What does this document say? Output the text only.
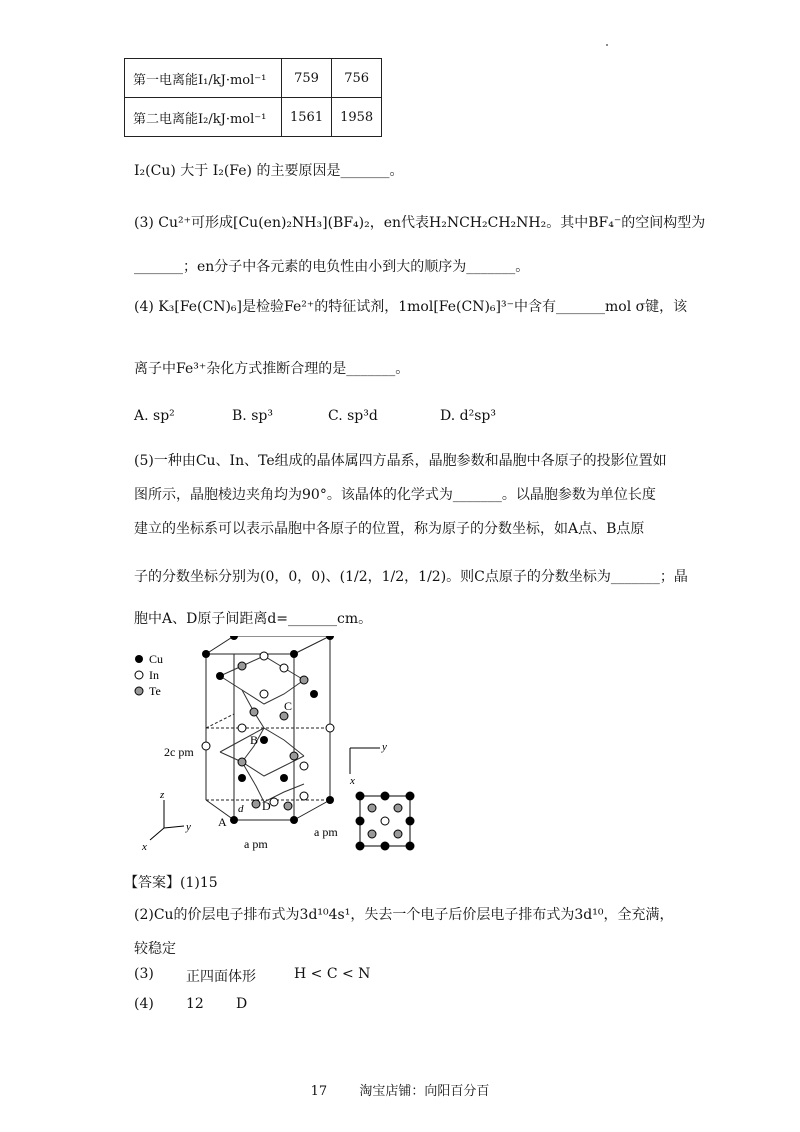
第一电离能I₁/kJ·mol⁻¹	759	756
第二电离能I₂/kJ·mol⁻¹	1561	1958
I₂(Cu) 大于 I₂(Fe) 的主要原因是_______。
(3) Cu²⁺可形成[Cu(en)₂NH₃](BF₄)₂，en代表H₂NCH₂CH₂NH₂。其中BF₄⁻的空间构型为
_______；en分子中各元素的电负性由小到大的顺序为_______。
(4) K₃[Fe(CN)₆]是检验Fe²⁺的特征试剂，1mol[Fe(CN)₆]³⁻中含有_______mol σ键，该
离子中Fe³⁺杂化方式推断合理的是_______。
A. sp²	B. sp³	C. sp³d	D. d²sp³
(5)一种由Cu、In、Te组成的晶体属四方晶系，晶胞参数和晶胞中各原子的投影位置如
图所示，晶胞棱边夹角均为90°。该晶体的化学式为_______。以晶胞参数为单位长度
建立的坐标系可以表示晶胞中各原子的位置，称为原子的分数坐标，如A点、B点原
子的分数坐标分别为(0，0，0)、(1/2，1/2，1/2)。则C点原子的分数坐标为_______；晶
胞中A、D原子间距离d=_______cm。
Cu
In
Te
C
B
D
d
A
2c pm
a pm
a pm
z
y
x
y
x
【答案】(1)15
(2)Cu的价层电子排布式为3d¹⁰4s¹，失去一个电子后价层电子排布式为3d¹⁰，全充满，
较稳定
(3) 正四面体形	H < C < N
(4) 12 D
17 淘宝店铺：向阳百分百
